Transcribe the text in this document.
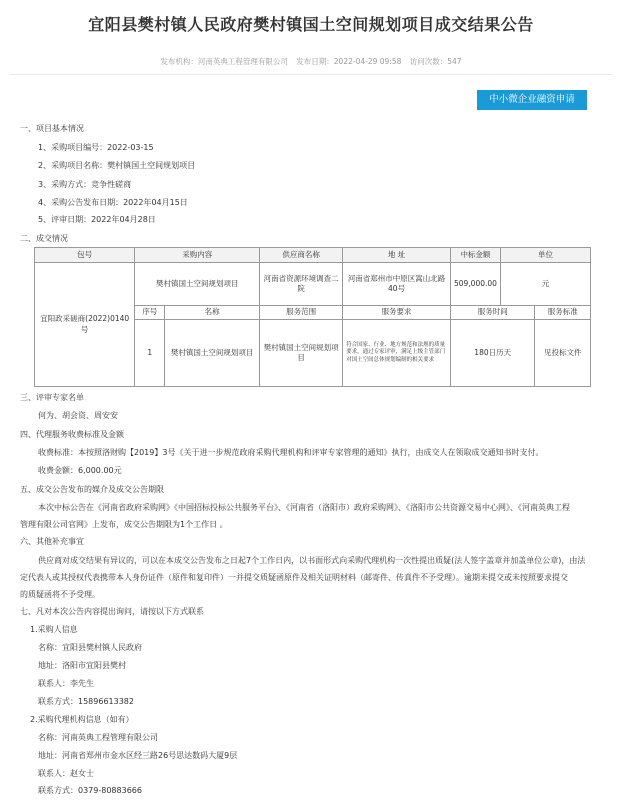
宜阳县樊村镇人民政府樊村镇国土空间规划项目成交结果公告
发布机构：河南英典工程管理有限公司 发布日期：2022-04-29 09:58 访问次数：547
中小微企业融资申请
一、项目基本情况
1、采购项目编号：2022-03-15
2、采购项目名称：樊村镇国土空间规划项目
3、采购方式：竞争性磋商
4、采购公告发布日期：2022年04月15日
5、评审日期：2022年04月28日
二、成交情况
包号	采购内容		供应商名称	地 址	中标金额	单位	
宜阳政采磋商(2022)0140号	樊村镇国土空间规划项目		河南省资源环境调查二院	河南省郑州市中原区嵩山北路40号	509,000.00	元	
	序号	名称	服务范围	服务要求	服务时间		服务标准
	1	樊村镇国土空间规划项目	樊村镇国土空间规划项目	符合国家、行业、地方规范和法规的质量要求，通过专家评审，满足上级主管部门对国土空间总体规划编制的相关要求	180日历天		见投标文件
三、评审专家名单
何为、胡会资、周安安
四、代理服务收费标准及金额
收费标准：本按照洛财购【2019】3号《关于进一步规范政府采购代理机构和评审专家管理的通知》执行，由成交人在领取成交通知书时支付。
收费金额：6,000.00元
五、成交公告发布的媒介及成交公告期限
本次中标公告在《河南省政府采购网》《中国招标投标公共服务平台》、《河南省（洛阳市）政府采购网》、《洛阳市公共资源交易中心网》、《河南英典工程
管理有限公司官网》上发布，成交公告期限为1个工作日 。
六、其他补充事宜
供应商对成交结果有异议的，可以在本成交公告发布之日起7个工作日内，以书面形式向采购代理机构一次性提出质疑(法人签字盖章并加盖单位公章)，由法
定代表人或其授权代表携带本人身份证件（原件和复印件）一并提交质疑函原件及相关证明材料（邮寄件、传真件不予受理）。逾期未提交或未按照要求提交
的质疑函将不予受理。
七、凡对本次公告内容提出询问，请按以下方式联系
1.采购人信息
名称：宜阳县樊村镇人民政府
地址：洛阳市宜阳县樊村
联系人：李先生
联系方式：15896613382
2.采购代理机构信息（如有）
名称：河南英典工程管理有限公司
地址：河南省郑州市金水区经三路26号思达数码大厦9层
联系人：赵女士
联系方式：0379-80883666
